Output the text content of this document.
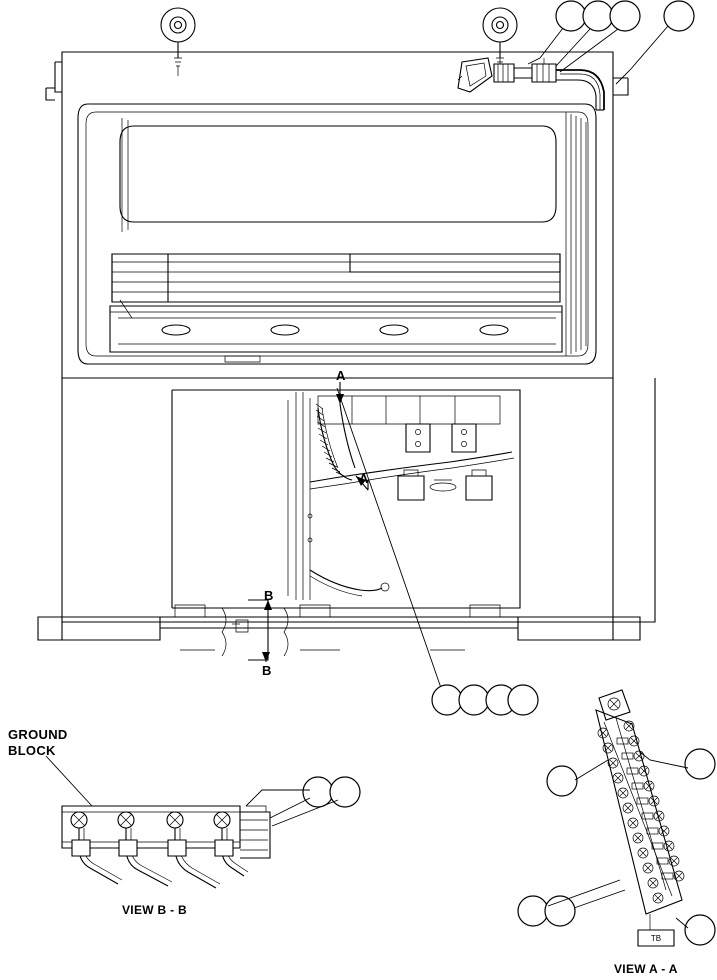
TB
GROUND
BLOCK
VIEW B - B
VIEW A - A
A
A
B
B
